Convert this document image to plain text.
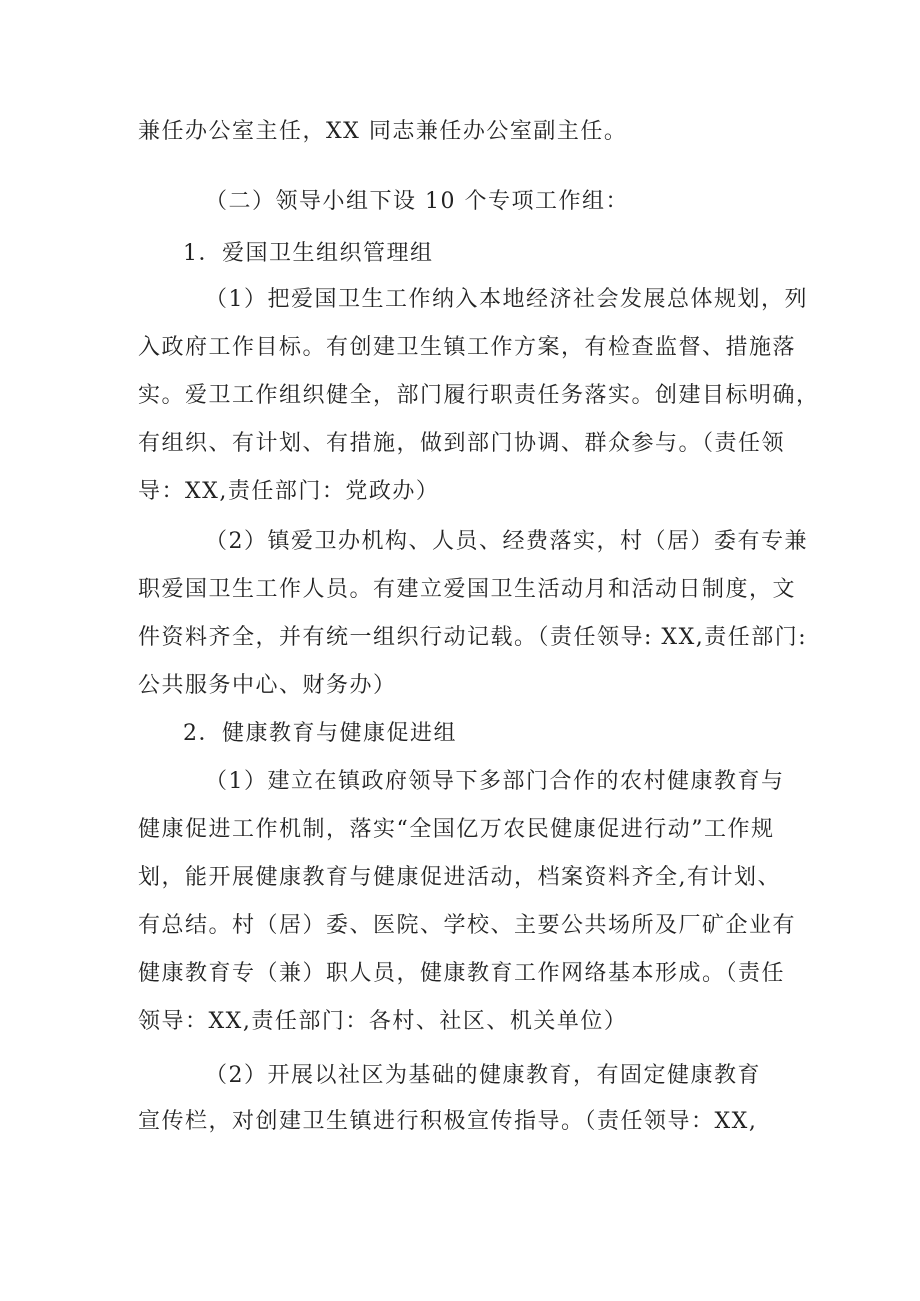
兼任办公室主任，XX 同志兼任办公室副主任。
（二）领导小组下设 10 个专项工作组：
1．爱国卫生组织管理组
（1）把爱国卫生工作纳入本地经济社会发展总体规划，列
入政府工作目标。有创建卫生镇工作方案，有检查监督、措施落
实。爱卫工作组织健全，部门履行职责任务落实。创建目标明确，
有组织、有计划、有措施，做到部门协调、群众参与。（责任领
导：XX,责任部门：党政办）
（2）镇爱卫办机构、人员、经费落实，村（居）委有专兼
职爱国卫生工作人员。有建立爱国卫生活动月和活动日制度，文
件资料齐全，并有统一组织行动记载。（责任领导: XX,责任部门:
公共服务中心、财务办）
2．健康教育与健康促进组
（1）建立在镇政府领导下多部门合作的农村健康教育与
健康促进工作机制，落实“全国亿万农民健康促进行动”工作规
划，能开展健康教育与健康促进活动，档案资料齐全,有计划、
有总结。村（居）委、医院、学校、主要公共场所及厂矿企业有
健康教育专（兼）职人员，健康教育工作网络基本形成。（责任
领导：XX,责任部门：各村、社区、机关单位）
（2）开展以社区为基础的健康教育，有固定健康教育
宣传栏，对创建卫生镇进行积极宣传指导。（责任领导：XX,
